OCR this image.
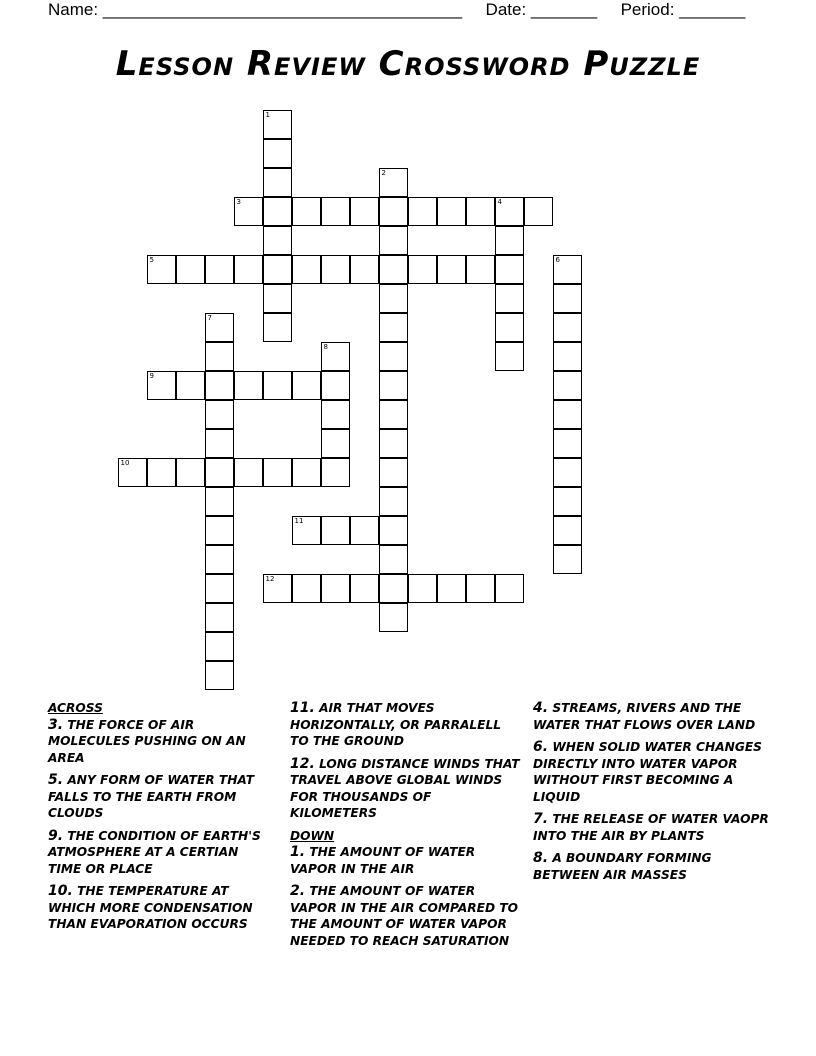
Name: ______________________________________ Date: _______ Period: _______
Lesson Review Crossword Puzzle
1
2
3	4
5	6
7
8
9
10
11
12
ACROSS
3. THE FORCE OF AIR MOLECULES PUSHING ON AN AREA
5. ANY FORM OF WATER THAT FALLS TO THE EARTH FROM CLOUDS
9. THE CONDITION OF EARTH'S ATMOSPHERE AT A CERTIAN TIME OR PLACE
10. THE TEMPERATURE AT WHICH MORE CONDENSATION THAN EVAPORATION OCCURS
11. AIR THAT MOVES HORIZONTALLY, OR PARRALELL TO THE GROUND
12. LONG DISTANCE WINDS THAT TRAVEL ABOVE GLOBAL WINDS FOR THOUSANDS OF KILOMETERS
DOWN
1. THE AMOUNT OF WATER VAPOR IN THE AIR
2. THE AMOUNT OF WATER VAPOR IN THE AIR COMPARED TO THE AMOUNT OF WATER VAPOR NEEDED TO REACH SATURATION
4. STREAMS, RIVERS AND THE WATER THAT FLOWS OVER LAND
6. WHEN SOLID WATER CHANGES DIRECTLY INTO WATER VAPOR WITHOUT FIRST BECOMING A LIQUID
7. THE RELEASE OF WATER VAOPR INTO THE AIR BY PLANTS
8. A BOUNDARY FORMING BETWEEN AIR MASSES
